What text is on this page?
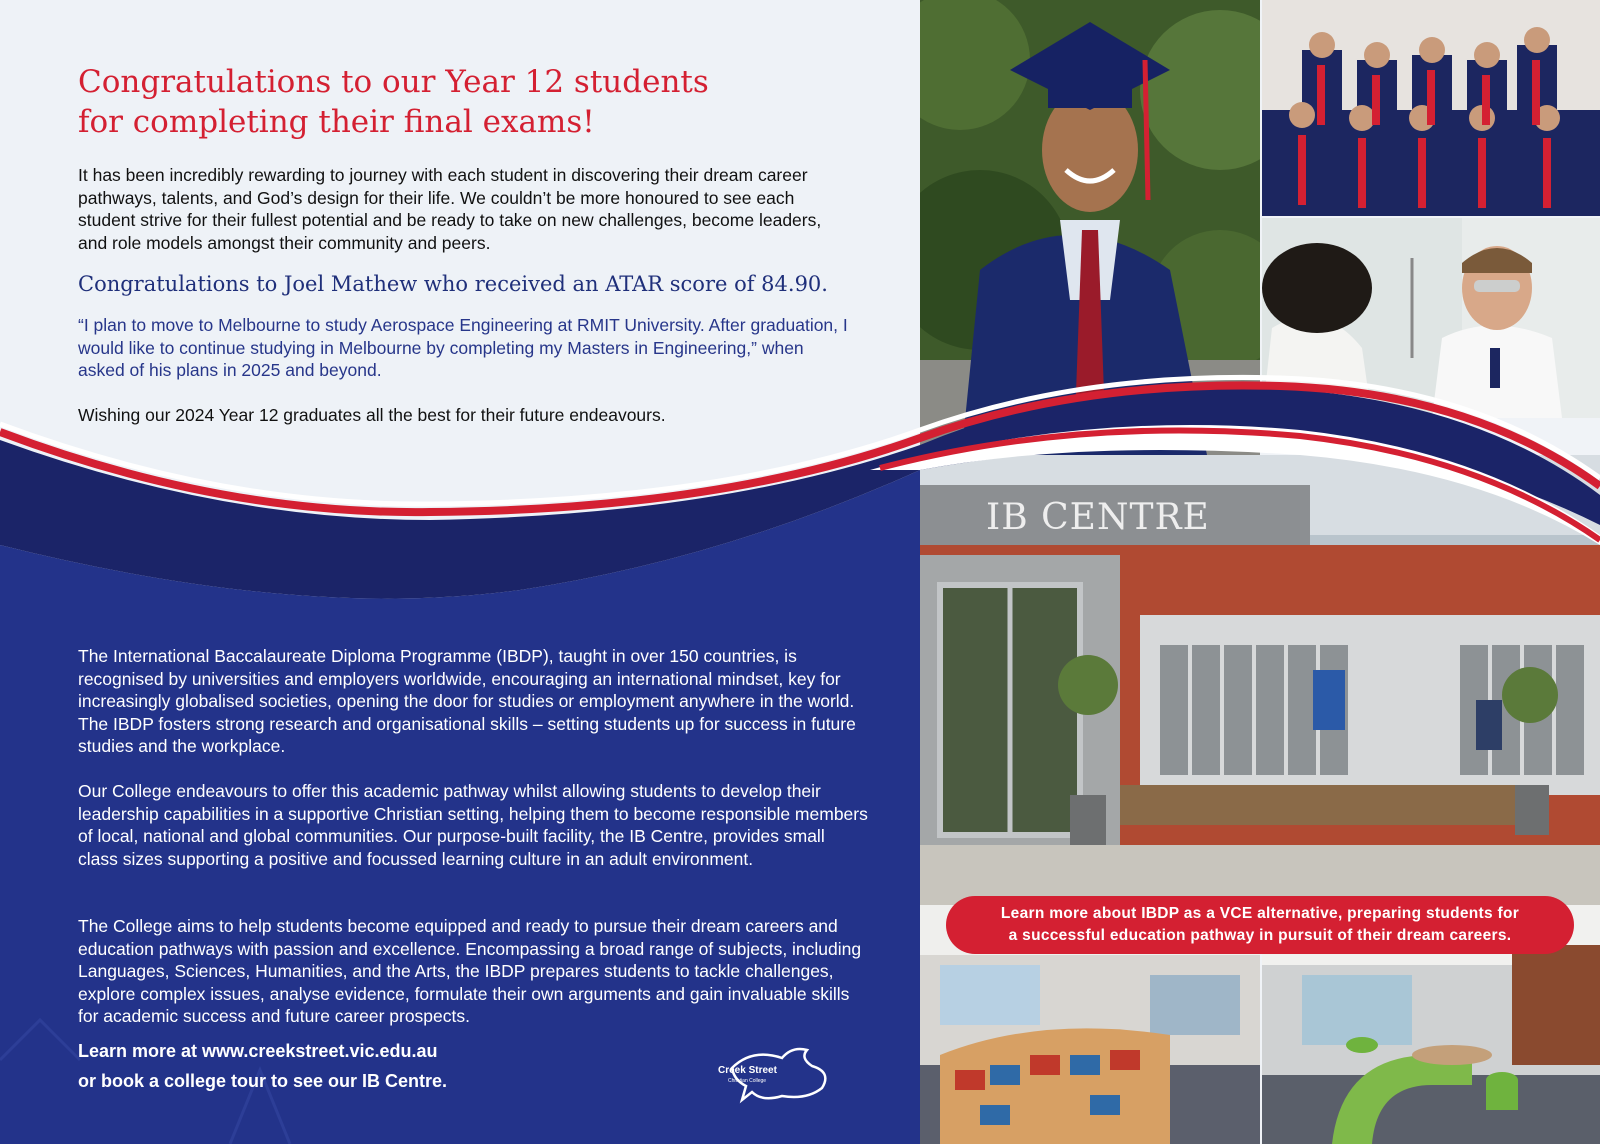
IB CENTRE
Congratulations to our Year 12 students
for completing their final exams!

It has been incredibly rewarding to journey with each student in discovering their dream career pathways, talents, and God’s design for their life. We couldn’t be more honoured to see each student strive for their fullest potential and be ready to take on new challenges, become leaders, and role models amongst their community and peers.

Congratulations to Joel Mathew who received an ATAR score of 84.90.

“I plan to move to Melbourne to study Aerospace Engineering at RMIT University. After graduation, I would like to continue studying in Melbourne by completing my Masters in Engineering,” when asked of his plans in 2025 and beyond.

Wishing our 2024 Year 12 graduates all the best for their future endeavours.

The International Baccalaureate Diploma Programme (IBDP), taught in over 150 countries, is recognised by universities and employers worldwide, encouraging an international mindset, key for increasingly globalised societies, opening the door for studies or employment anywhere in the world. The IBDP fosters strong research and organisational skills – setting students up for success in future studies and the workplace.

Our College endeavours to offer this academic pathway whilst allowing students to develop their leadership capabilities in a supportive Christian setting, helping them to become responsible members of local, national and global communities. Our purpose-built facility, the IB Centre, provides small class sizes supporting a positive and focussed learning culture in an adult environment.

The College aims to help students become equipped and ready to pursue their dream careers and education pathways with passion and excellence. Encompassing a broad range of subjects, including Languages, Sciences, Humanities, and the Arts, the IBDP prepares students to tackle challenges, explore complex issues, analyse evidence, formulate their own arguments and gain invaluable skills for academic success and future career prospects.

Learn more at www.creekstreet.vic.edu.au
or book a college tour to see our IB Centre.

Creek Street
Christian College
Learn more about IBDP as a VCE alternative, preparing students for
a successful education pathway in pursuit of their dream careers.
